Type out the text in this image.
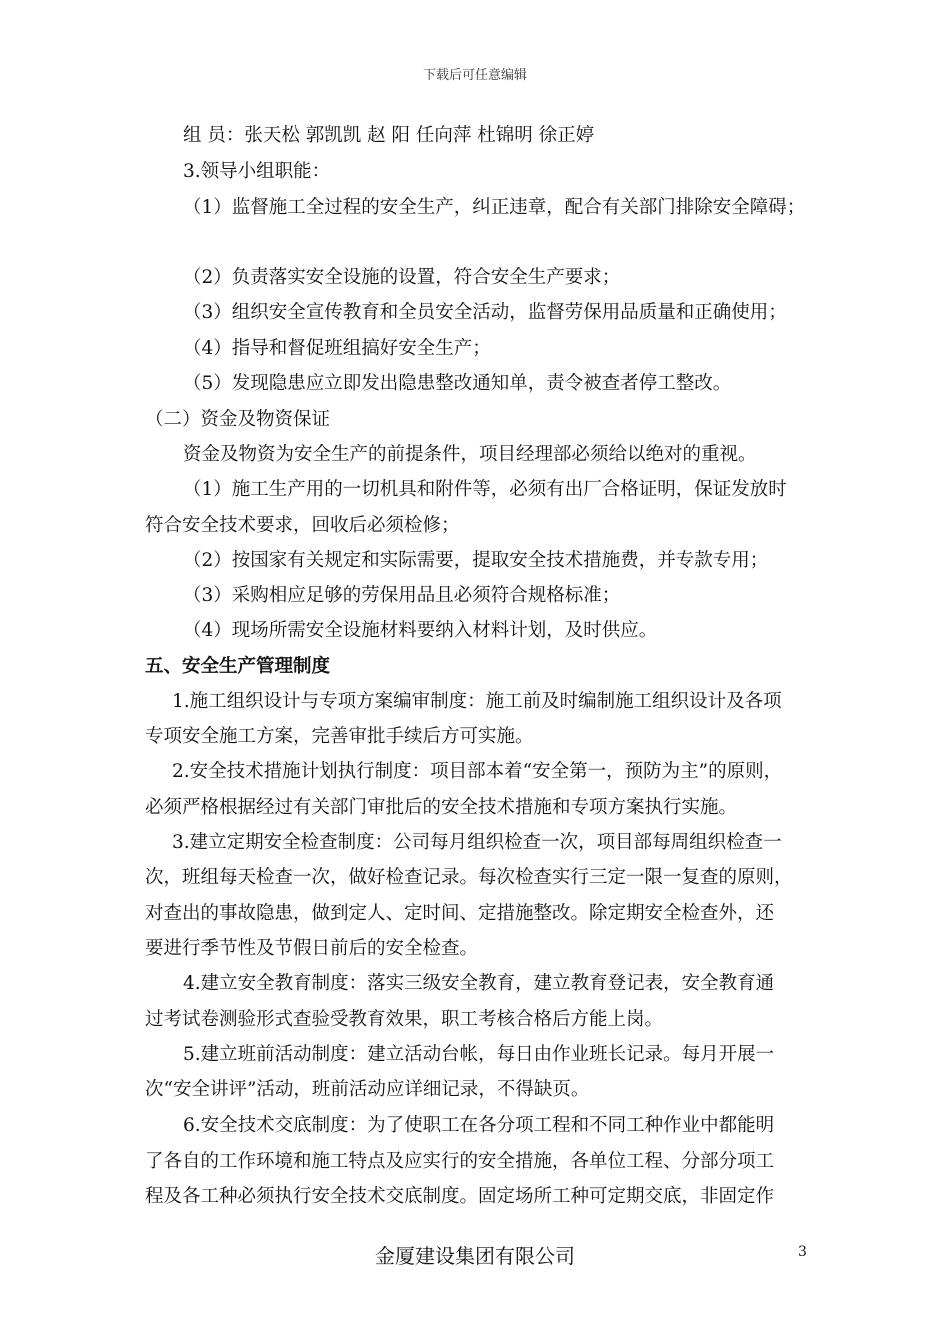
下载后可任意编辑
组 员：张天松 郭凯凯 赵 阳 任向萍 杜锦明 徐正婷
3.领导小组职能：
（1）监督施工全过程的安全生产，纠正违章，配合有关部门排除安全障碍；
（2）负责落实安全设施的设置，符合安全生产要求；
（3）组织安全宣传教育和全员安全活动，监督劳保用品质量和正确使用；
（4）指导和督促班组搞好安全生产；
（5）发现隐患应立即发出隐患整改通知单，责令被查者停工整改。
（二）资金及物资保证
资金及物资为安全生产的前提条件，项目经理部必须给以绝对的重视。
（1）施工生产用的一切机具和附件等，必须有出厂合格证明，保证发放时
符合安全技术要求，回收后必须检修；
（2）按国家有关规定和实际需要，提取安全技术措施费，并专款专用；
（3）采购相应足够的劳保用品且必须符合规格标准；
（4）现场所需安全设施材料要纳入材料计划，及时供应。
五、安全生产管理制度
1.施工组织设计与专项方案编审制度：施工前及时编制施工组织设计及各项
专项安全施工方案，完善审批手续后方可实施。
2.安全技术措施计划执行制度：项目部本着“安全第一，预防为主”的原则，
必须严格根据经过有关部门审批后的安全技术措施和专项方案执行实施。
3.建立定期安全检查制度：公司每月组织检查一次，项目部每周组织检查一
次，班组每天检查一次，做好检查记录。每次检查实行三定一限一复查的原则，
对查出的事故隐患，做到定人、定时间、定措施整改。除定期安全检查外，还
要进行季节性及节假日前后的安全检查。
4.建立安全教育制度：落实三级安全教育，建立教育登记表，安全教育通
过考试卷测验形式查验受教育效果，职工考核合格后方能上岗。
5.建立班前活动制度：建立活动台帐，每日由作业班长记录。每月开展一
次“安全讲评”活动，班前活动应详细记录，不得缺页。
6.安全技术交底制度：为了使职工在各分项工程和不同工种作业中都能明
了各自的工作环境和施工特点及应实行的安全措施，各单位工程、分部分项工
程及各工种必须执行安全技术交底制度。固定场所工种可定期交底，非固定作
金厦建设集团有限公司	3
